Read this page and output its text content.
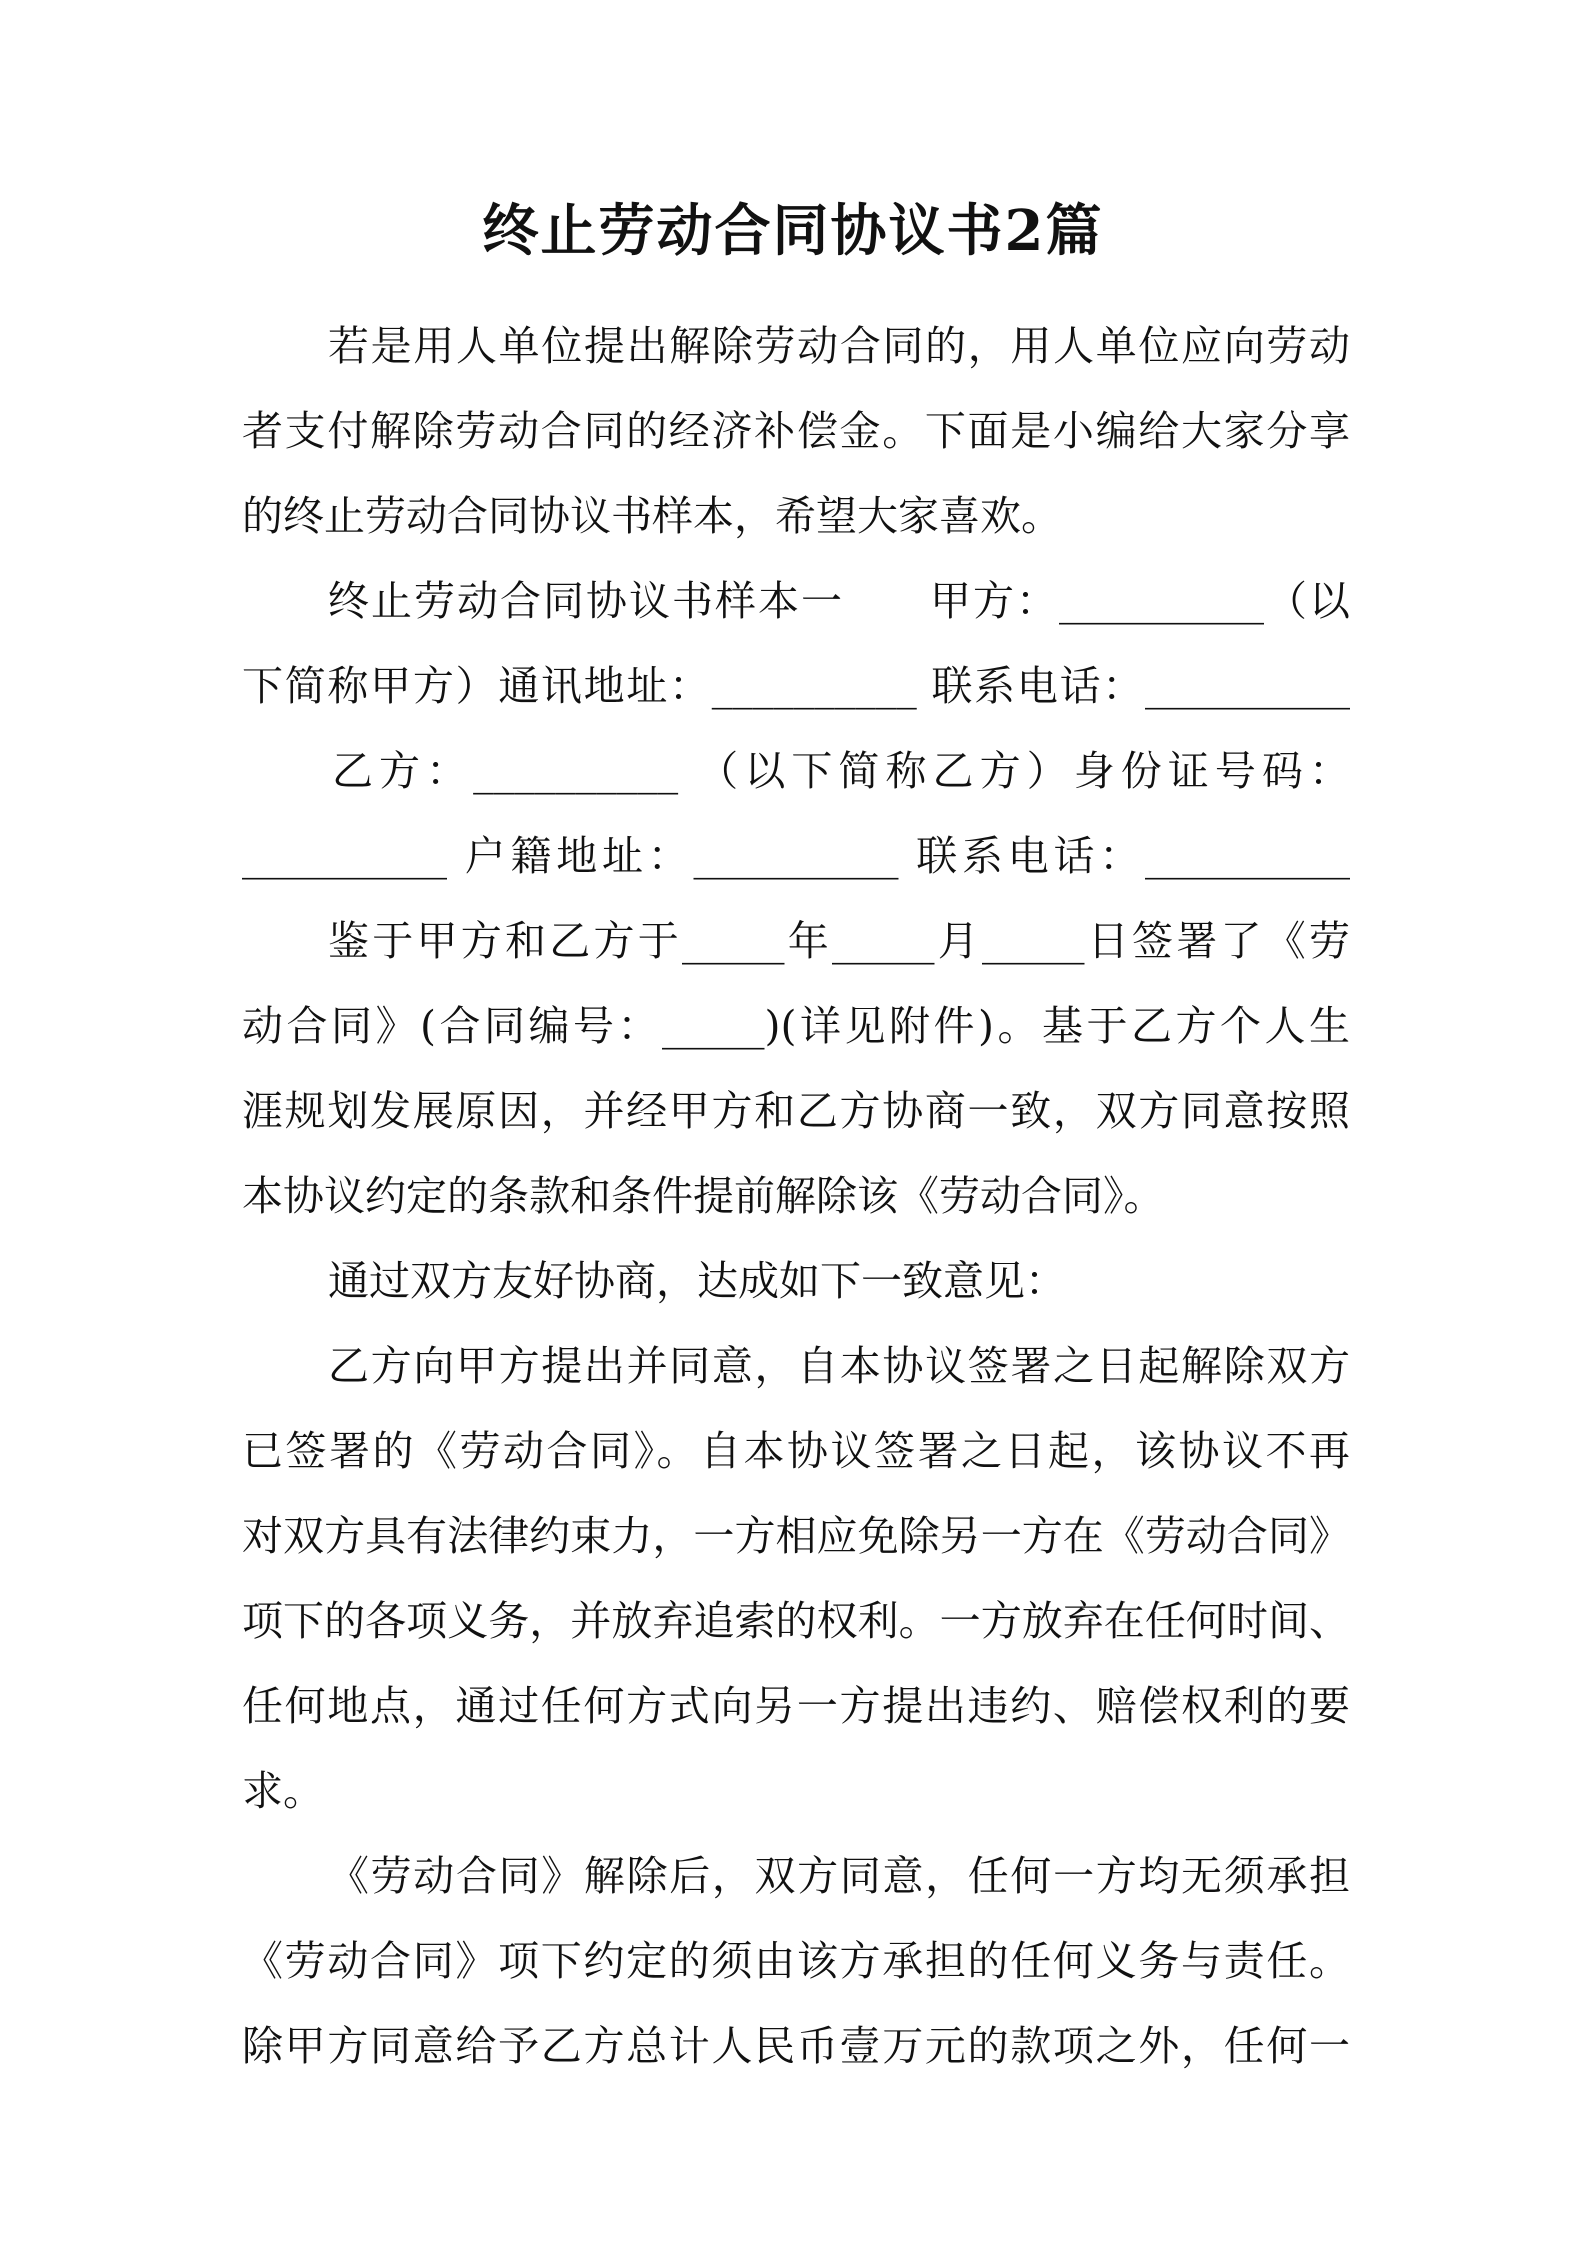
终止劳动合同协议书2篇
若是用人单位提出解除劳动合同的，用人单位应向劳动
者支付解除劳动合同的经济补偿金。下面是小编给大家分享
的终止劳动合同协议书样本，希望大家喜欢。
终止劳动合同协议书样本一　　甲方：__________（以
下简称甲方）通讯地址：__________ 联系电话：__________
乙方：__________ （以下简称乙方）身份证号码：
__________ 户籍地址：__________ 联系电话：__________
鉴于甲方和乙方于_____年_____月_____日签署了《劳
动合同》(合同编号：_____)(详见附件)。基于乙方个人生
涯规划发展原因，并经甲方和乙方协商一致，双方同意按照
本协议约定的条款和条件提前解除该《劳动合同》。
通过双方友好协商，达成如下一致意见：
乙方向甲方提出并同意，自本协议签署之日起解除双方
已签署的《劳动合同》。自本协议签署之日起，该协议不再
对双方具有法律约束力，一方相应免除另一方在《劳动合同》
项下的各项义务，并放弃追索的权利。一方放弃在任何时间、
任何地点，通过任何方式向另一方提出违约、赔偿权利的要
求。
《劳动合同》解除后，双方同意，任何一方均无须承担
《劳动合同》项下约定的须由该方承担的任何义务与责任。
除甲方同意给予乙方总计人民币壹万元的款项之外，任何一
